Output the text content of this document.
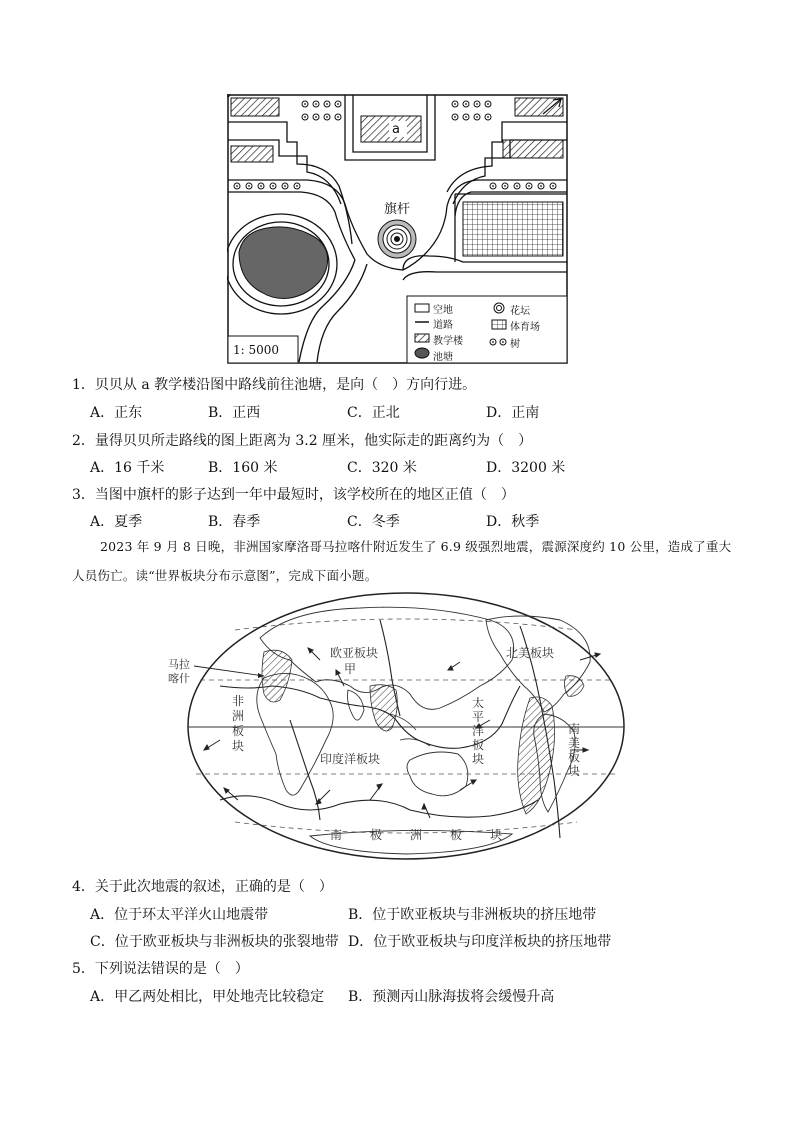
a
旗杆
1: 5000
空地
道路
教学楼
池塘
花坛
体育场
树
1．贝贝从 a 教学楼沿图中路线前往池塘，是向（　）方向行进。
A．正东	B．正西	C．正北	D．正南
2．量得贝贝所走路线的图上距离为 3.2 厘米，他实际走的距离约为（　）
A．16 千米	B．160 米	C．320 米	D．3200 米
3．当图中旗杆的影子达到一年中最短时，该学校所在的地区正值（　）
A．夏季	B．春季	C．冬季	D．秋季
2023 年 9 月 8 日晚，非洲国家摩洛哥马拉喀什附近发生了 6.9 级强烈地震，震源深度约 10 公里，造成了重大人员伤亡。读“世界板块分布示意图”，完成下面小题。
马拉喀什
欧亚板块
甲
北美板块
非
洲
板
块
太
平
洋
板
块
南
美
板
块
印度洋板块
南 极 洲 板 块
4．关于此次地震的叙述，正确的是（　）
A．位于环太平洋火山地震带	B．位于欧亚板块与非洲板块的挤压地带
C．位于欧亚板块与非洲板块的张裂地带 D．位于欧亚板块与印度洋板块的挤压地带
5．下列说法错误的是（　）
A．甲乙两处相比，甲处地壳比较稳定 B．预测丙山脉海拔将会缓慢升高
